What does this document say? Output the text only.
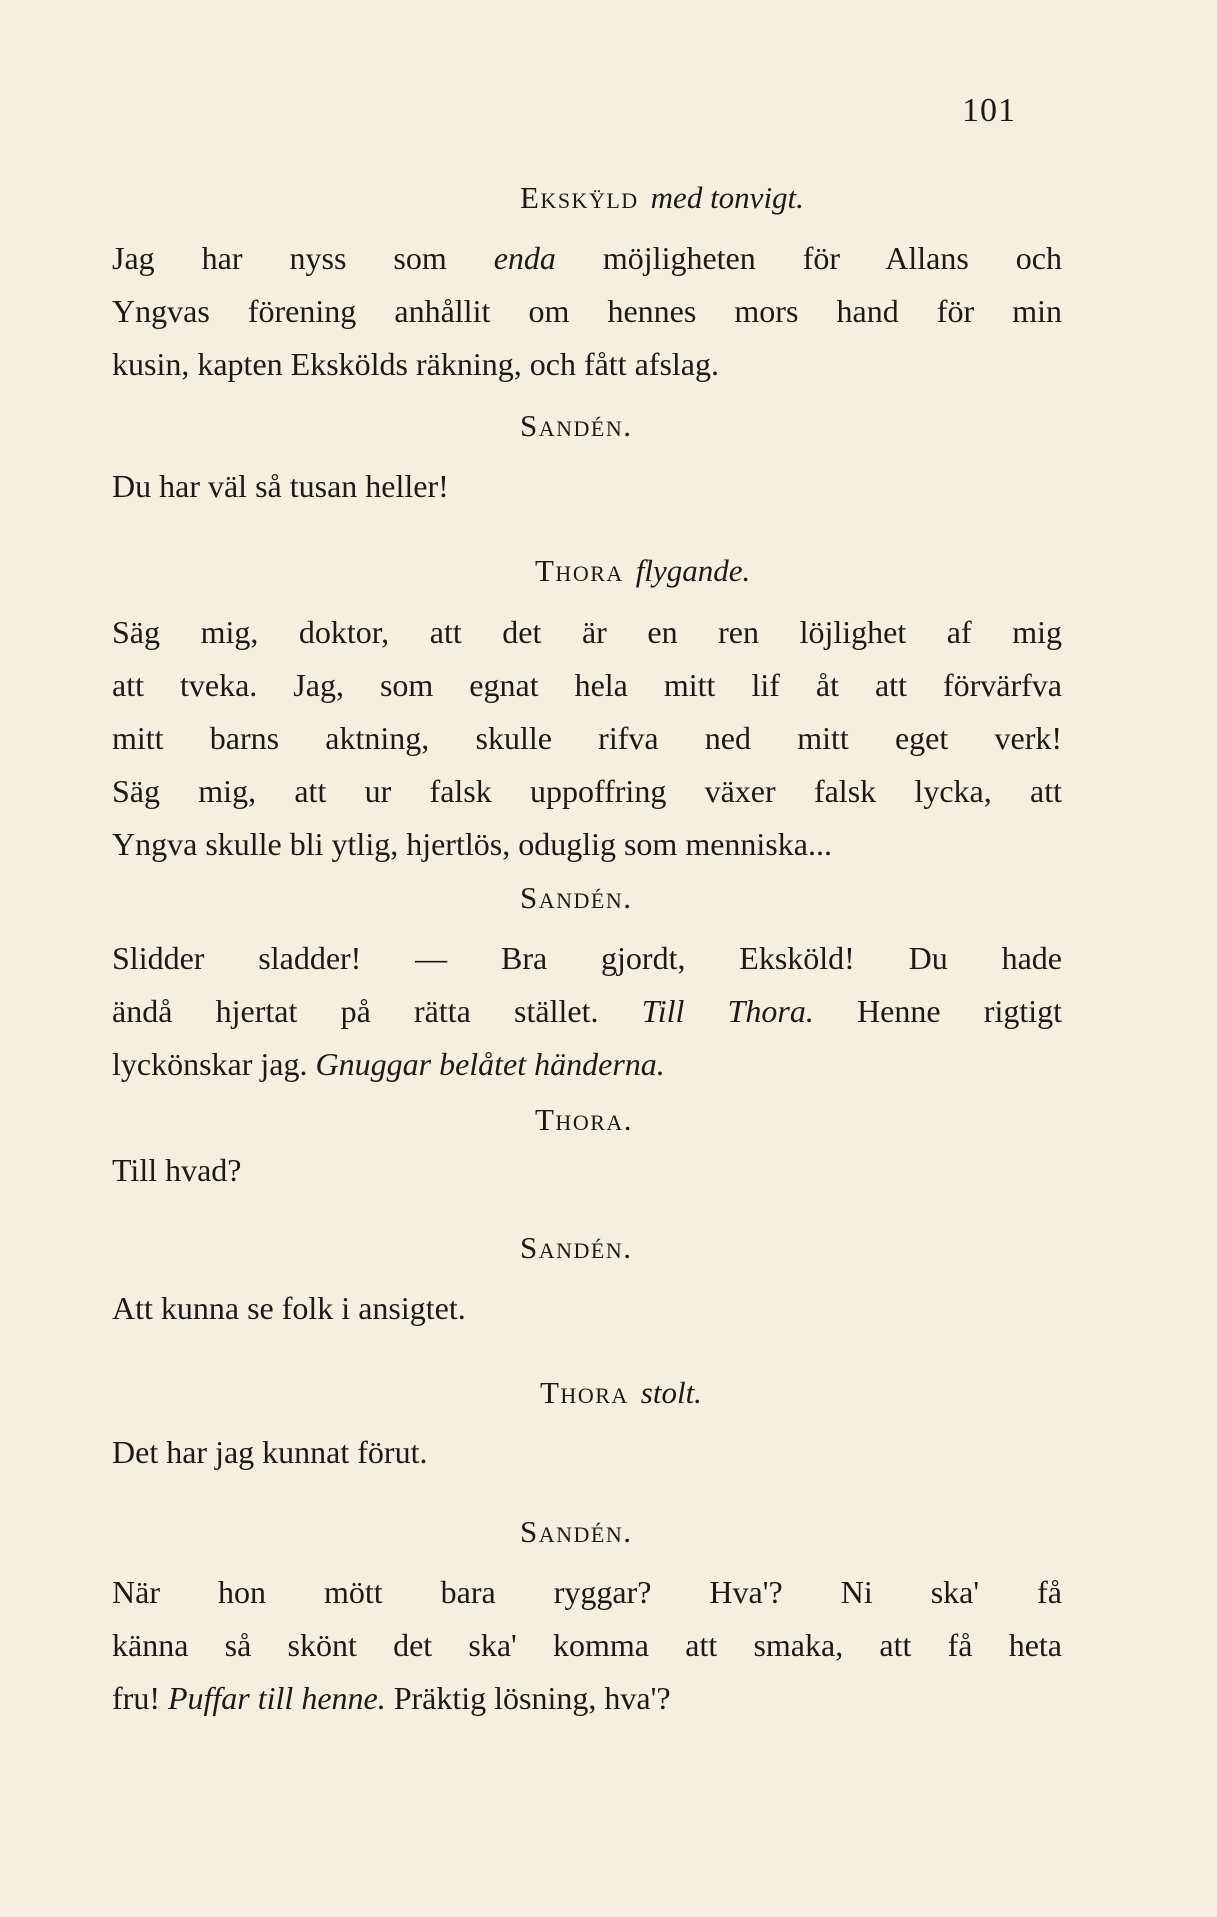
101
Ekskÿld med tonvigt.
Jag har nyss som enda möjligheten för Allans och
Yngvas förening anhållit om hennes mors hand för min
kusin, kapten Ekskölds räkning, och fått afslag.
Sandén.
Du har väl så tusan heller!
Thora flygande.
Säg mig, doktor, att det är en ren löjlighet af mig
att tveka. Jag, som egnat hela mitt lif åt att förvärfva
mitt barns aktning, skulle rifva ned mitt eget verk!
Säg mig, att ur falsk uppoffring växer falsk lycka, att
Yngva skulle bli ytlig, hjertlös, oduglig som menniska...
Sandén.
Slidder sladder! — Bra gjordt, Eksköld! Du hade
ändå hjertat på rätta stället. Till Thora. Henne rigtigt
lyckönskar jag. Gnuggar belåtet händerna.
Thora.
Till hvad?
Sandén.
Att kunna se folk i ansigtet.
Thora stolt.
Det har jag kunnat förut.
Sandén.
När hon mött bara ryggar? Hva'? Ni ska' få
känna så skönt det ska' komma att smaka, att få heta
fru! Puffar till henne. Präktig lösning, hva'?
